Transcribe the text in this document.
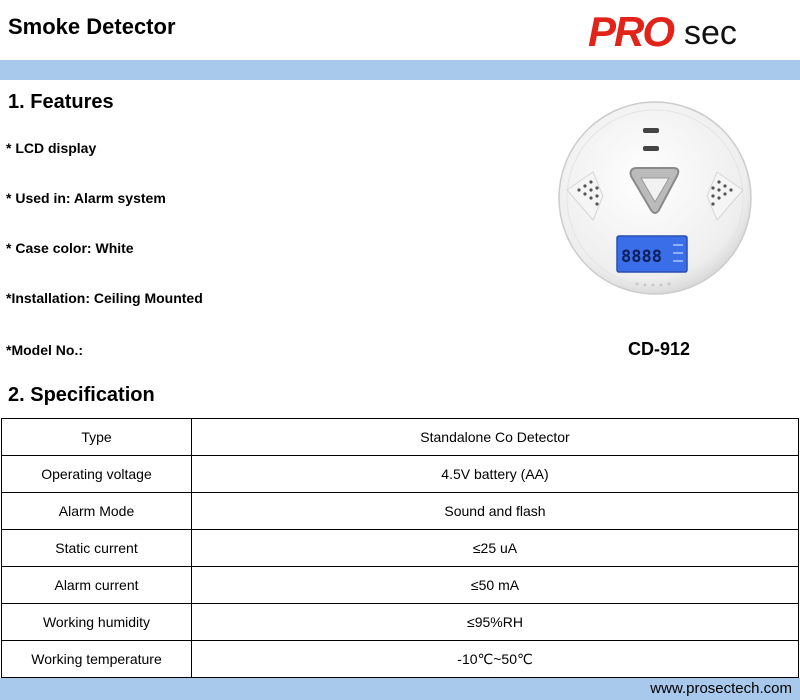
Smoke Detector	PRO sec
1. Features
* LCD display
* Used in: Alarm system
* Case color: White
*Installation: Ceiling Mounted
*Model No.:	CD-912
8888
2. Specification
Type	Standalone Co Detector
Operating voltage	4.5V battery (AA)
Alarm Mode	Sound and flash
Static current	≤25 uA
Alarm current	≤50 mA
Working humidity	≤95%RH
Working temperature	-10℃~50℃
www.prosectech.com
